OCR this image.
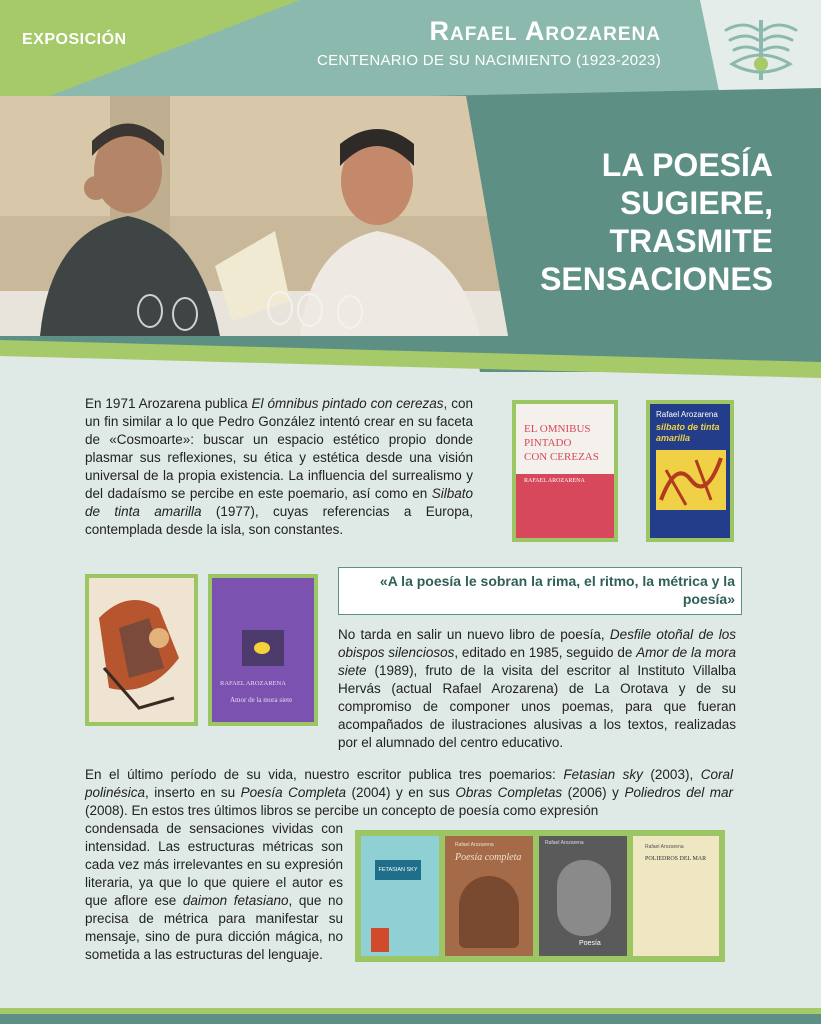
EXPOSICIÓN	Rafael Arozarena
CENTENARIO DE SU NACIMIENTO (1923-2023)
LA POESÍA
SUGIERE,
TRASMITE
SENSACIONES
En 1971 Arozarena publica El ómnibus pintado con cerezas, con un fin similar a lo que Pedro González intentó crear en su faceta de «Cosmoarte»: buscar un espacio estético propio donde plasmar sus reflexiones, su ética y estética desde una visión universal de la propia existencia. La influencia del surrealismo y del dadaísmo se percibe en este poemario, así como en Silbato de tinta amarilla (1977), cuyas referencias a Europa, contemplada desde la isla, son constantes.
EL OMNIBUS
PINTADO
CON CEREZAS
RAFAEL AROZARENA
Rafael Arozarena
silbato de tinta
amarilla
RAFAEL AROZARENA
Amor de la mora siete
«A la poesía le sobran la rima, el ritmo, la métrica y la poesía»
No tarda en salir un nuevo libro de poesía, Desfile otoñal de los obispos silenciosos, editado en 1985, seguido de Amor de la mora siete (1989), fruto de la visita del escritor al Instituto Villalba Hervás (actual Rafael Arozarena) de La Orotava y de su compromiso de componer unos poemas, para que fueran acompañados de ilustraciones alusivas a los textos, realizadas por el alumnado del centro educativo.
En el último período de su vida, nuestro escritor publica tres poemarios: Fetasian sky (2003), Coral polinésica, inserto en su Poesía Completa (2004) y en sus Obras Completas (2006) y Poliedros del mar (2008). En estos tres últimos libros se percibe un concepto de poesía como expresión
condensada de sensaciones vividas con intensidad. Las estructuras métricas son cada vez más irrelevantes en su expresión literaria, ya que lo que quiere el autor es que aflore ese daimon fetasiano, que no precisa de métrica para manifestar su mensaje, sino de pura dicción mágica, no sometida a las estructuras del lenguaje.
FETASIAN SKY
Rafael Arozarena
Poesía completa
Rafael Arozarena
Poesía
Rafael Arozarena
POLIEDROS DEL MAR
